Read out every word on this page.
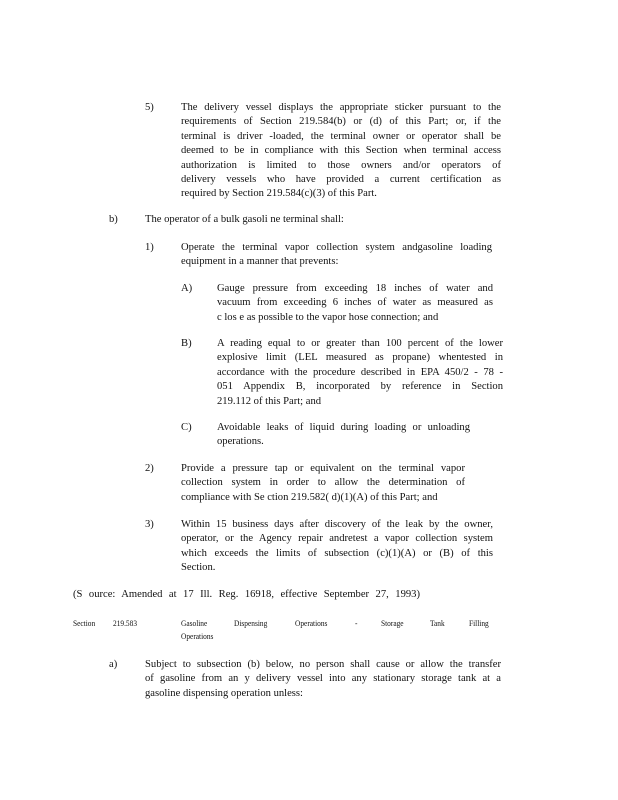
5)	The delivery vessel displays the appropriate sticker pursuant to the
requirements of Section 219.584(b) or (d) of this Part; or, if the
terminal is driver -loaded, the terminal owner or operator shall be
deemed to be in compliance with this Section when terminal access
authorization is limited to those owners and/or operators of
delivery vessels who have provided a current certification as
required by Section 219.584(c)(3) of this Part.
b)	The operator of a bulk gasoli ne terminal shall:
1)	Operate the terminal vapor collection system andgasoline loading
equipment in a manner that prevents:
A) Gauge pressure from exceeding 18 inches of water and
vacuum from exceeding 6 inches of water as measured as
c los e as possible to the vapor hose connection; and
B) A reading equal to or greater than 100 percent of the lower
explosive limit (LEL measured as propane) whentested in
accordance with the procedure described in EPA 450/2 - 78 -
051 Appendix B, incorporated by reference in Section
219.112 of this Part; and
C) Avoidable leaks of liquid during loading or unloading
operations.
2)	Provide a pressure tap or equivalent on the terminal vapor
collection system in order to allow the determination of
compliance with Se ction 219.582( d)(1)(A) of this Part; and
3)	Within 15 business days after discovery of the leak by the owner,
operator, or the Agency repair andretest a vapor collection system
which exceeds the limits of subsection (c)(1)(A) or (B) of this
Section.
(S ource: Amended at 17 Ill. Reg. 16918, effective September 27, 1993)
Section 219.583	Gasoline	Dispensing	Operations	-	Storage	Tank	Filling
Operations
a)	Subject to subsection (b) below, no person shall cause or allow the transfer
of gasoline from an y delivery vessel into any stationary storage tank at a
gasoline dispensing operation unless:
